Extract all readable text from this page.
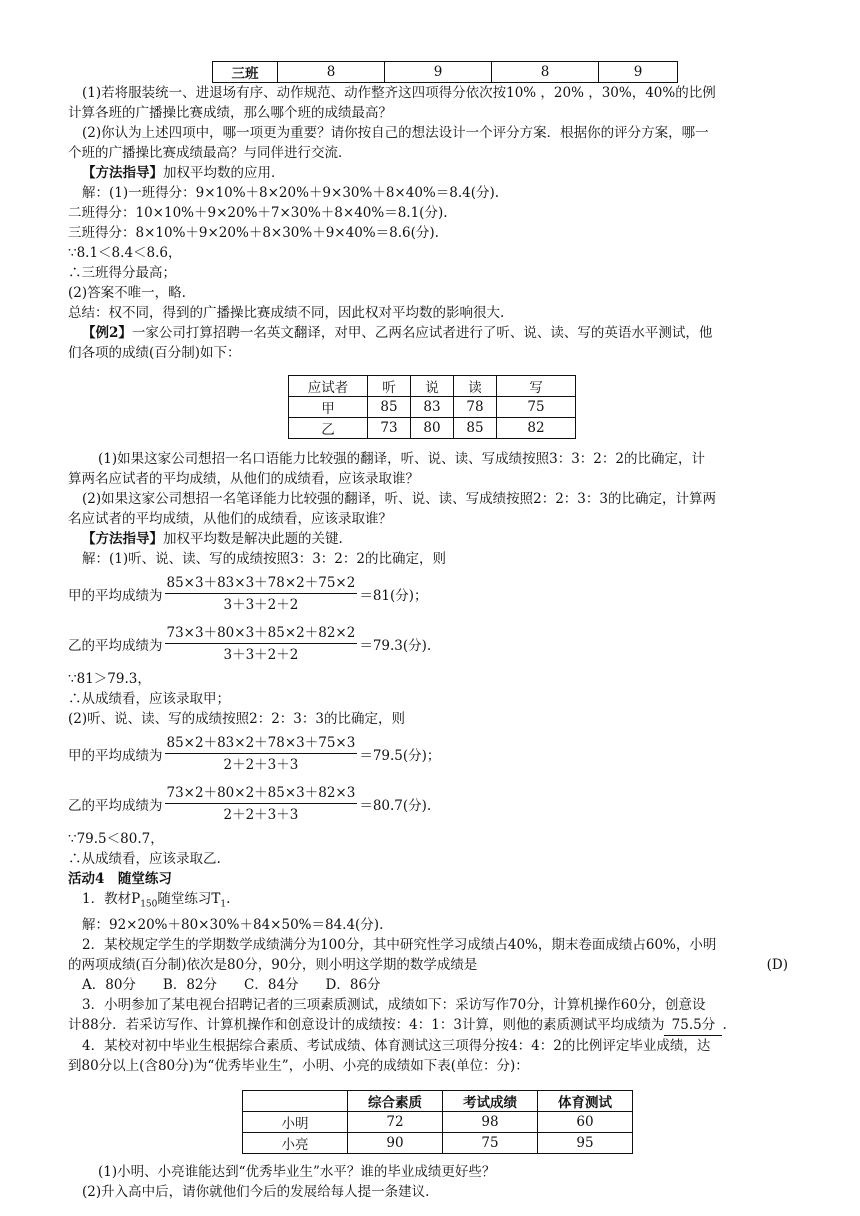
三班	8	9	8	9

(1)若将服装统一、进退场有序、动作规范、动作整齐这四项得分依次按10% ，20% ，30%，40%的比例

计算各班的广播操比赛成绩，那么哪个班的成绩最高？

(2)你认为上述四项中，哪一项更为重要？请你按自己的想法设计一个评分方案．根据你的评分方案，哪一

个班的广播操比赛成绩最高？与同伴进行交流．

【方法指导】加权平均数的应用．

解：(1)一班得分：9×10%＋8×20%＋9×30%＋8×40%＝8.4(分).

二班得分：10×10%＋9×20%＋7×30%＋8×40%＝8.1(分).

三班得分：8×10%＋9×20%＋8×30%＋9×40%＝8.6(分).

∵8.1＜8.4＜8.6，

∴三班得分最高；

(2)答案不唯一，略.

总结：权不同，得到的广播操比赛成绩不同，因此权对平均数的影响很大.

【例2】一家公司打算招聘一名英文翻译，对甲、乙两名应试者进行了听、说、读、写的英语水平测试，他

们各项的成绩(百分制)如下：

应试者	听	说	读	写
甲	85	83	78	75
乙	73	80	85	82

(1)如果这家公司想招一名口语能力比较强的翻译，听、说、读、写成绩按照3：3：2：2的比确定，计

算两名应试者的平均成绩，从他们的成绩看，应该录取谁？

(2)如果这家公司想招一名笔译能力比较强的翻译，听、说、读、写成绩按照2：2：3：3的比确定，计算两

名应试者的平均成绩，从他们的成绩看，应该录取谁？

【方法指导】加权平均数是解决此题的关键.

解：(1)听、说、读、写的成绩按照3：3：2：2的比确定，则

甲的平均成绩为 $\frac{85\times 3+83\times 3+78\times 2+75\times 2}{3+3+2+2} =81$(分)；
乙的平均成绩为 $\frac{73\times 3+80\times 3+85\times 2+82\times 2}{3+3+2+2} =79.3$(分).

∵81＞79.3，

∴从成绩看，应该录取甲；

(2)听、说、读、写的成绩按照2：2：3：3的比确定，则

甲的平均成绩为 $\frac{85\times 2+83\times 2+78\times 3+75\times 3}{2+2+3+3} =79.5$(分)；
乙的平均成绩为 $\frac{73\times 2+80\times 2+85\times 3+82\times 3}{2+2+3+3} =80.7$(分).

∵79.5＜80.7，

∴从成绩看，应该录取乙.

活动4　随堂练习

1．教材$P_{150}$随堂练习$T_1$.

解：92×20%＋80×30%＋84×50%＝84.4(分).

2．某校规定学生的学期数学成绩满分为100分，其中研究性学习成绩占40%，期末卷面成绩占60%，小明

的两项成绩(百分制)依次是80分，90分，则小明这学期的数学成绩是	(D)

A．80分　　B．82分　　C．84分　　D．86分

3．小明参加了某电视台招聘记者的三项素质测试，成绩如下：采访写作70分，计算机操作60分，创意设

计88分．若采访写作、计算机操作和创意设计的成绩按：4：1：3计算，则他的素质测试平均成绩为 75.5分 .

4．某校对初中毕业生根据综合素质、考试成绩、体育测试这三项得分按4：4：2的比例评定毕业成绩，达

到80分以上(含80分)为“优秀毕业生”，小明、小亮的成绩如下表(单位：分)：

	综合素质	考试成绩	体育测试
小明	72	98	60
小亮	90	75	95

(1)小明、小亮谁能达到“优秀毕业生”水平？谁的毕业成绩更好些？

(2)升入高中后，请你就他们今后的发展给每人提一条建议.
